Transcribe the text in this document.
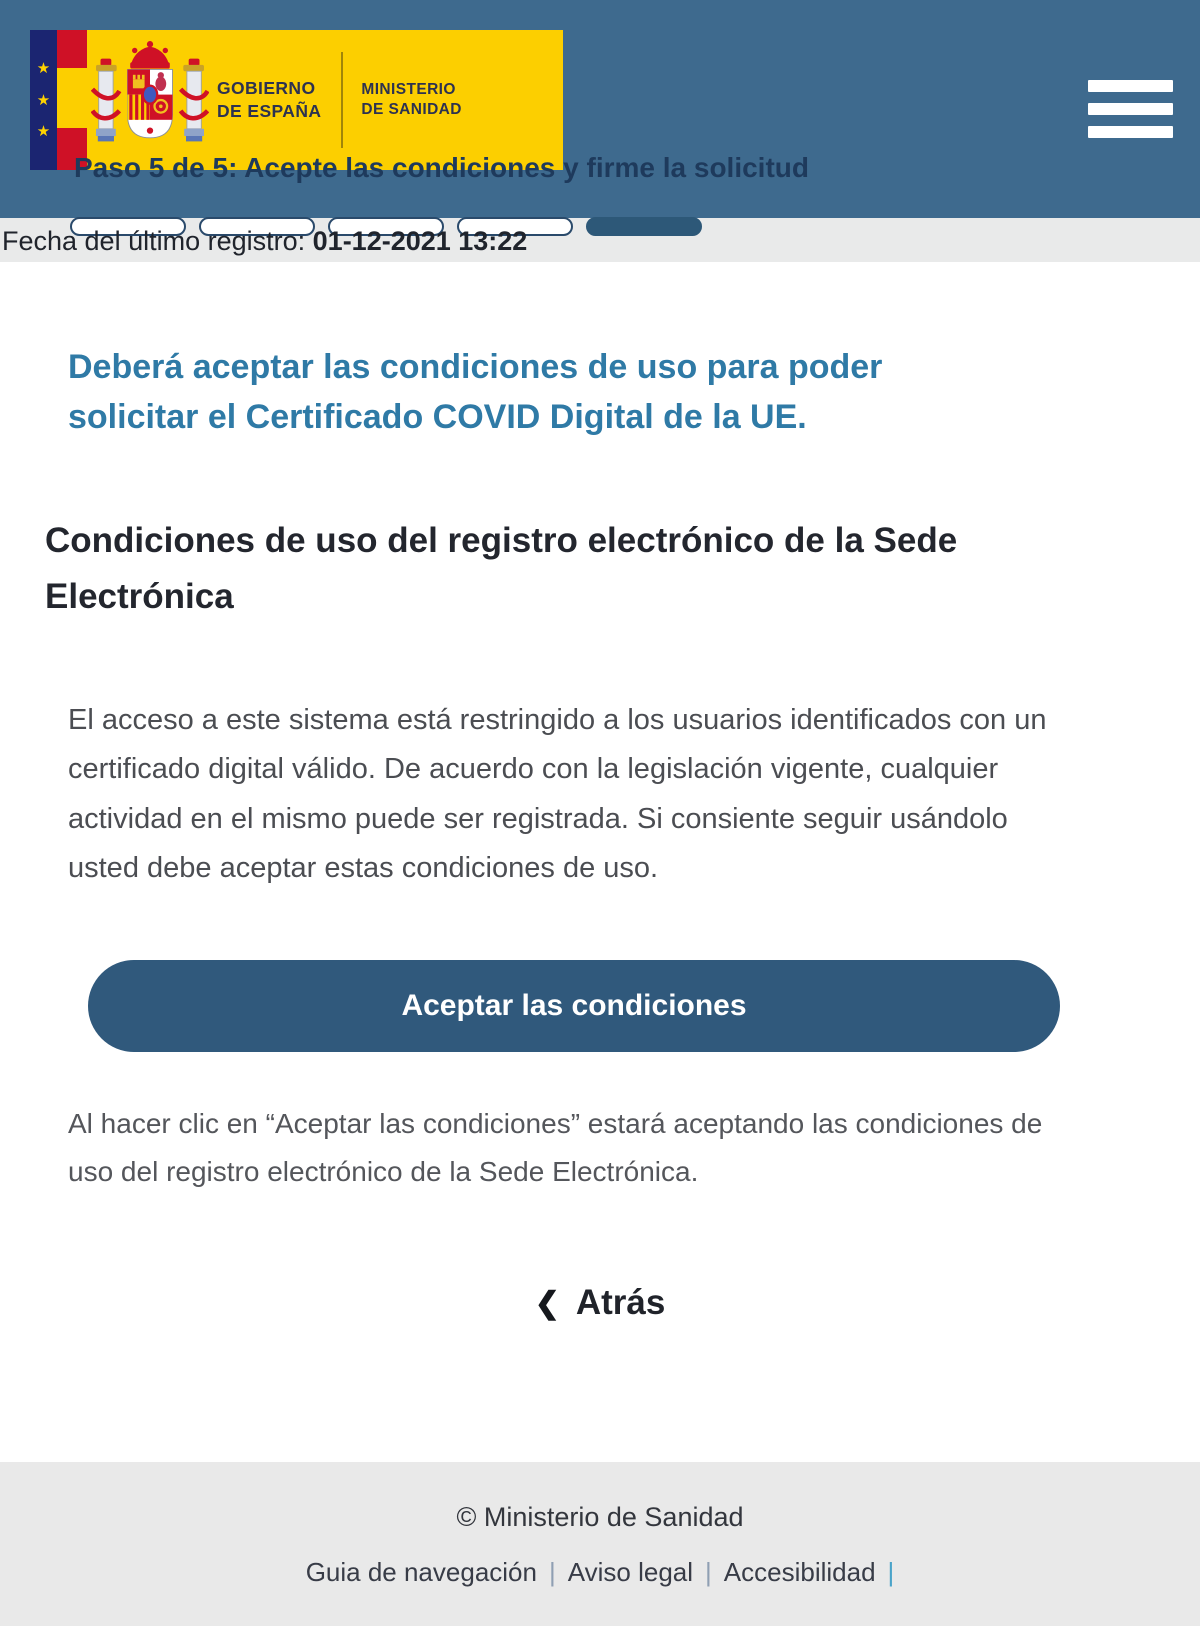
★
★
★
GOBIERNO
DE ESPAÑA
MINISTERIO
DE SANIDAD
Paso 5 de 5: Acepte las condiciones y firme la solicitud
Fecha del último registro: 01-12-2021 13:22
Deberá aceptar las condiciones de uso para poder solicitar el Certificado COVID Digital de la UE.
Condiciones de uso del registro electrónico de la Sede Electrónica

El acceso a este sistema está restringido a los usuarios identificados con un certificado digital válido. De acuerdo con la legislación vigente, cualquier actividad en el mismo puede ser registrada. Si consiente seguir usándolo usted debe aceptar estas condiciones de uso.

Aceptar las condiciones

Al hacer clic en “Aceptar las condiciones” estará aceptando las condiciones de uso del registro electrónico de la Sede Electrónica.

❮ Atrás
© Ministerio de Sanidad
Guia de navegación | Aviso legal | Accesibilidad |
